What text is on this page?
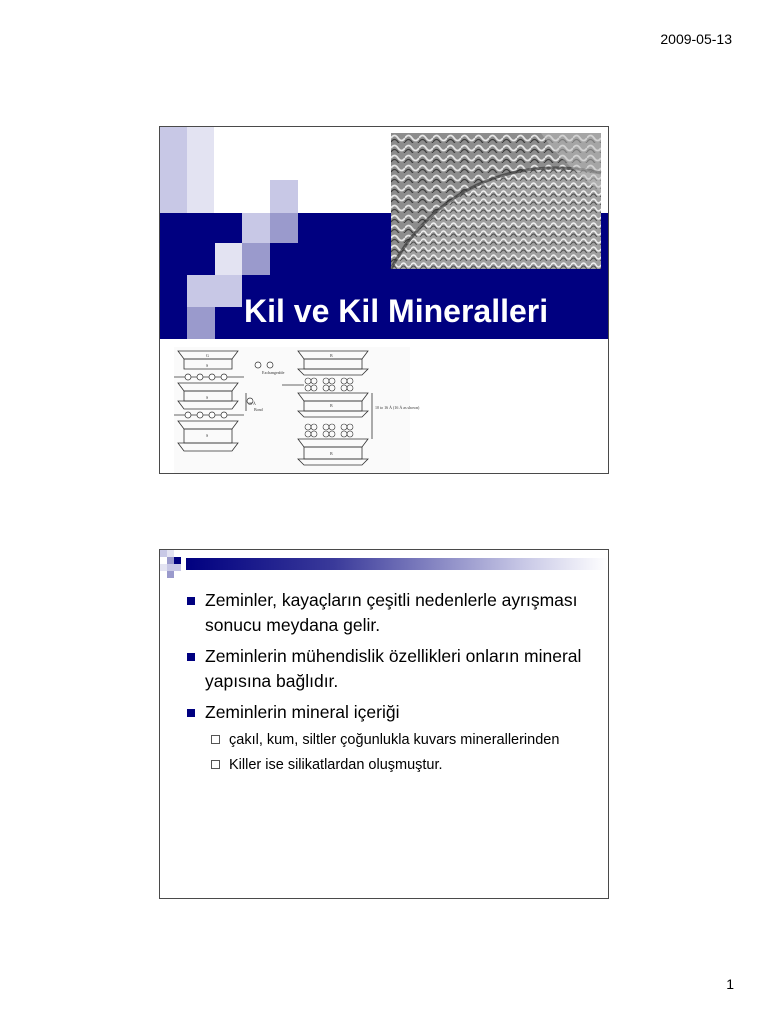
2009-05-13
Kil ve Kil Mineralleri
G
S
S
S
B
B
B
Exchangeable
10 Å
Bond	10 to 16 Å (16 Å as shown)
Zeminler, kayaçların çeşitli nedenlerle ayrışması sonucu meydana gelir.
Zeminlerin mühendislik özellikleri onların mineral yapısına bağlıdır.
Zeminlerin mineral içeriği
çakıl, kum, siltler çoğunlukla kuvars minerallerinden
Killer ise silikatlardan oluşmuştur.
1
